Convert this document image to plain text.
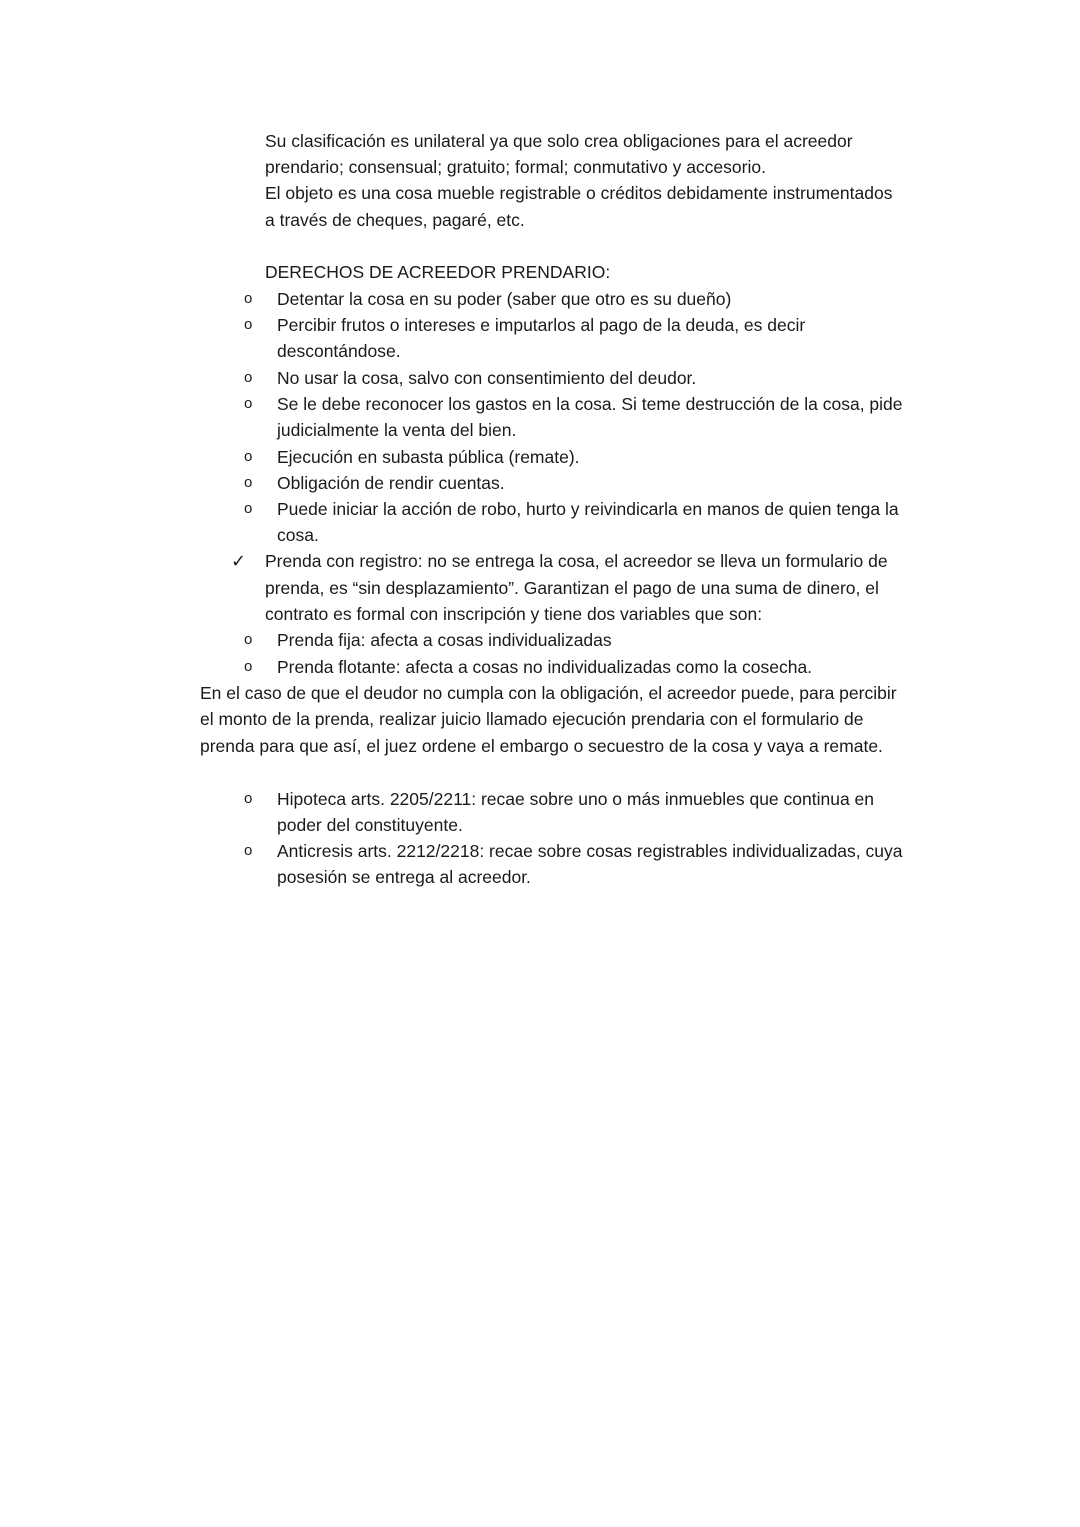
Su clasificación es unilateral ya que solo crea obligaciones para el acreedor

prendario; consensual; gratuito; formal; conmutativo y accesorio.

El objeto es una cosa mueble registrable o créditos debidamente instrumentados

a través de cheques, pagaré, etc.

DERECHOS DE ACREEDOR PRENDARIO:

o Detentar la cosa en su poder (saber que otro es su dueño)

o Percibir frutos o intereses e imputarlos al pago de la deuda, es decir

descontándose.

o No usar la cosa, salvo con consentimiento del deudor.

o Se le debe reconocer los gastos en la cosa. Si teme destrucción de la cosa, pide

judicialmente la venta del bien.

o Ejecución en subasta pública (remate).

o Obligación de rendir cuentas.

o Puede iniciar la acción de robo, hurto y reivindicarla en manos de quien tenga la

cosa.

✓ Prenda con registro: no se entrega la cosa, el acreedor se lleva un formulario de

prenda, es “sin desplazamiento”. Garantizan el pago de una suma de dinero, el

contrato es formal con inscripción y tiene dos variables que son:

o Prenda fija: afecta a cosas individualizadas

o Prenda flotante: afecta a cosas no individualizadas como la cosecha.

En el caso de que el deudor no cumpla con la obligación, el acreedor puede, para percibir

el monto de la prenda, realizar juicio llamado ejecución prendaria con el formulario de

prenda para que así, el juez ordene el embargo o secuestro de la cosa y vaya a remate.

o Hipoteca arts. 2205/2211: recae sobre uno o más inmuebles que continua en

poder del constituyente.

o Anticresis arts. 2212/2218: recae sobre cosas registrables individualizadas, cuya

posesión se entrega al acreedor.
